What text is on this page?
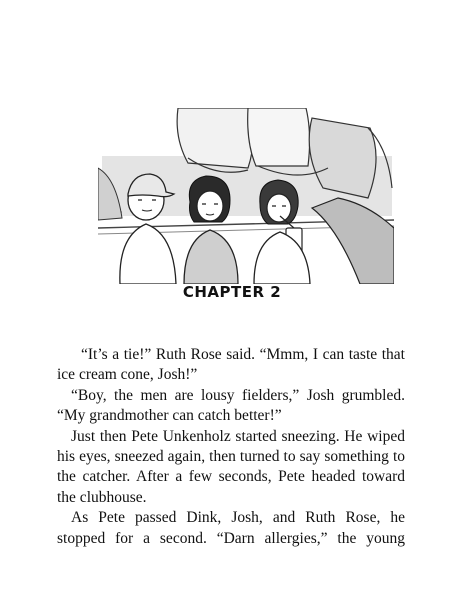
CHAPTER 2

“It’s a tie!” Ruth Rose said. “Mmm, I can taste that ice cream cone, Josh!”

“Boy, the men are lousy fielders,” Josh grumbled. “My grandmother can catch better!”

Just then Pete Unkenholz started sneezing. He wiped his eyes, sneezed again, then turned to say something to the catcher. After a few seconds, Pete headed toward the clubhouse.

As Pete passed Dink, Josh, and Ruth Rose, he stopped for a second. “Darn allergies,” the young
